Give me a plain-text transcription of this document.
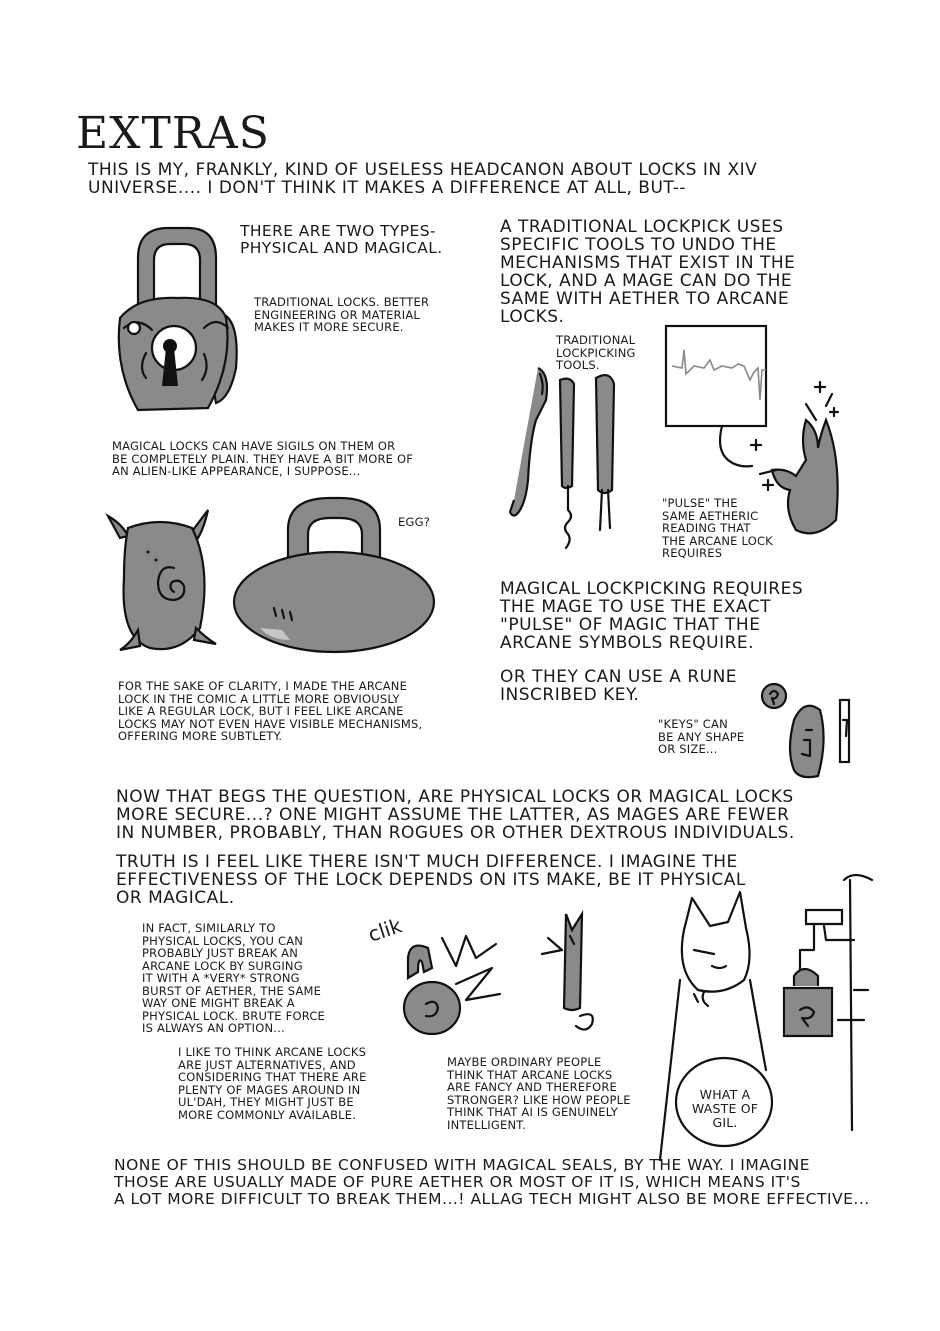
EXTRAS

THIS IS MY, FRANKLY, KIND OF USELESS HEADCANON ABOUT LOCKS IN XIV
UNIVERSE.... I DON'T THINK IT MAKES A DIFFERENCE AT ALL, BUT--

THERE ARE TWO TYPES-
PHYSICAL AND MAGICAL.

TRADITIONAL LOCKS. BETTER
ENGINEERING OR MATERIAL
MAKES IT MORE SECURE.

MAGICAL LOCKS CAN HAVE SIGILS ON THEM OR
BE COMPLETELY PLAIN. THEY HAVE A BIT MORE OF
AN ALIEN-LIKE APPEARANCE, I SUPPOSE...

EGG?

FOR THE SAKE OF CLARITY, I MADE THE ARCANE
LOCK IN THE COMIC A LITTLE MORE OBVIOUSLY
LIKE A REGULAR LOCK, BUT I FEEL LIKE ARCANE
LOCKS MAY NOT EVEN HAVE VISIBLE MECHANISMS,
OFFERING MORE SUBTLETY.

A TRADITIONAL LOCKPICK USES
SPECIFIC TOOLS TO UNDO THE
MECHANISMS THAT EXIST IN THE
LOCK, AND A MAGE CAN DO THE
SAME WITH AETHER TO ARCANE
LOCKS.

TRADITIONAL
LOCKPICKING
TOOLS.

"PULSE" THE
SAME AETHERIC
READING THAT
THE ARCANE LOCK
REQUIRES

MAGICAL LOCKPICKING REQUIRES
THE MAGE TO USE THE EXACT
"PULSE" OF MAGIC THAT THE
ARCANE SYMBOLS REQUIRE.

OR THEY CAN USE A RUNE
INSCRIBED KEY.

"KEYS" CAN
BE ANY SHAPE
OR SIZE...

NOW THAT BEGS THE QUESTION, ARE PHYSICAL LOCKS OR MAGICAL LOCKS
MORE SECURE...? ONE MIGHT ASSUME THE LATTER, AS MAGES ARE FEWER
IN NUMBER, PROBABLY, THAN ROGUES OR OTHER DEXTROUS INDIVIDUALS.

TRUTH IS I FEEL LIKE THERE ISN'T MUCH DIFFERENCE. I IMAGINE THE
EFFECTIVENESS OF THE LOCK DEPENDS ON ITS MAKE, BE IT PHYSICAL
OR MAGICAL.

IN FACT, SIMILARLY TO
PHYSICAL LOCKS, YOU CAN
PROBABLY JUST BREAK AN
ARCANE LOCK BY SURGING
IT WITH A *VERY* STRONG
BURST OF AETHER, THE SAME
WAY ONE MIGHT BREAK A
PHYSICAL LOCK. BRUTE FORCE
IS ALWAYS AN OPTION...

I LIKE TO THINK ARCANE LOCKS
ARE JUST ALTERNATIVES, AND
CONSIDERING THAT THERE ARE
PLENTY OF MAGES AROUND IN
UL'DAH, THEY MIGHT JUST BE
MORE COMMONLY AVAILABLE.

MAYBE ORDINARY PEOPLE
THINK THAT ARCANE LOCKS
ARE FANCY AND THEREFORE
STRONGER? LIKE HOW PEOPLE
THINK THAT AI IS GENUINELY
INTELLIGENT.

NONE OF THIS SHOULD BE CONFUSED WITH MAGICAL SEALS, BY THE WAY. I IMAGINE
THOSE ARE USUALLY MADE OF PURE AETHER OR MOST OF IT IS, WHICH MEANS IT'S
A LOT MORE DIFFICULT TO BREAK THEM...! ALLAG TECH MIGHT ALSO BE MORE EFFECTIVE...

clik

WHAT A
WASTE OF
GIL.
